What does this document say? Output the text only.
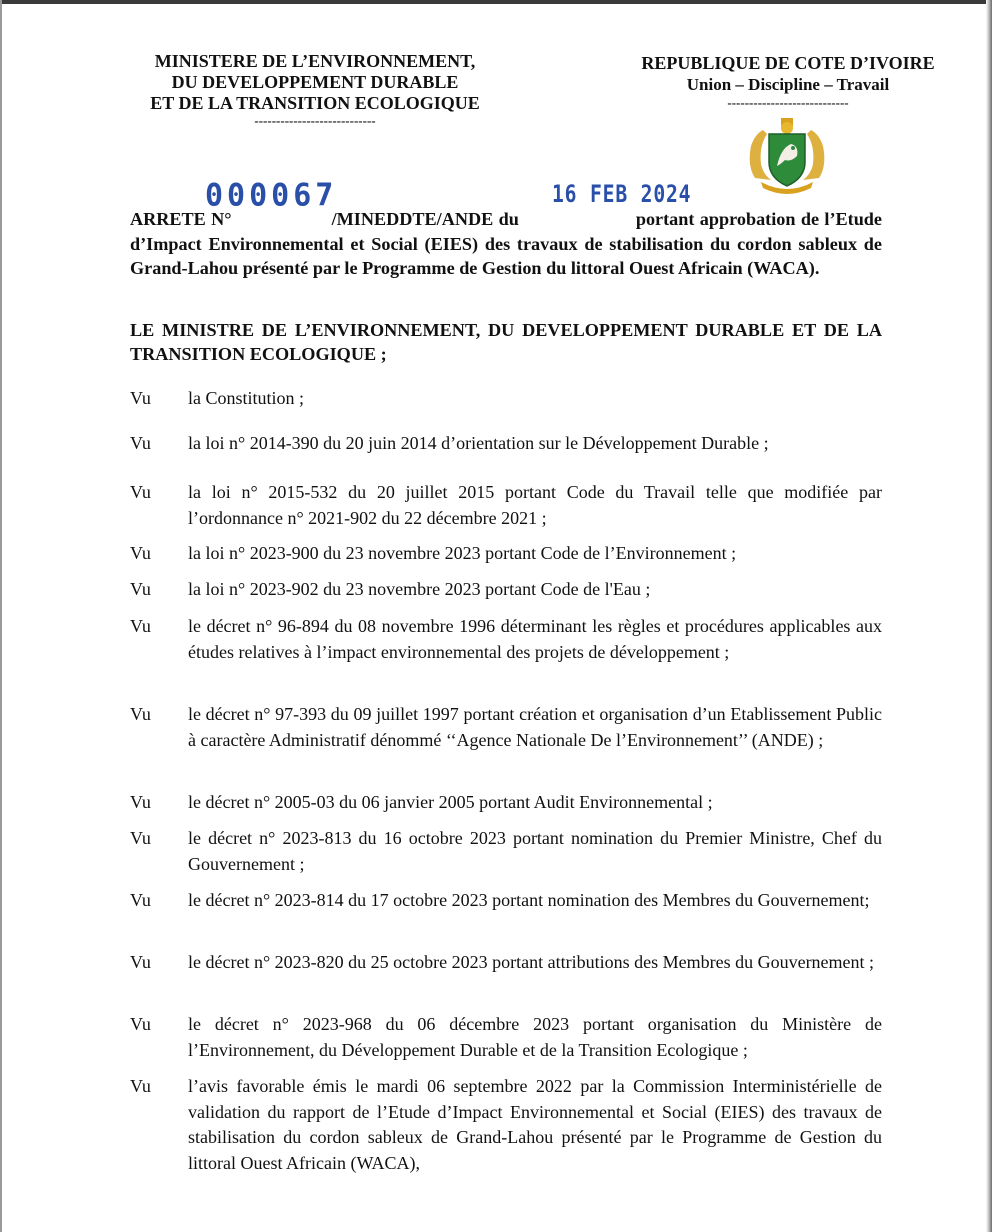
MINISTERE DE L’ENVIRONNEMENT,
DU DEVELOPPEMENT DURABLE
ET DE LA TRANSITION ECOLOGIQUE
----------------------------
REPUBLIQUE DE COTE D’IVOIRE
Union – Discipline – Travail
----------------------------
000067	16 FEB 2024
ARRETE N°	/MINEDDTE/ANDE du	portant approbation de l’Etude d’Impact Environnemental et Social (EIES) des travaux de stabilisation du cordon sableux de Grand-Lahou présenté par le Programme de Gestion du littoral Ouest Africain (WACA).
LE MINISTRE DE L’ENVIRONNEMENT, DU DEVELOPPEMENT DURABLE ET DE LA TRANSITION ECOLOGIQUE ;
Vu	la Constitution ;
Vu	la loi n° 2014-390 du 20 juin 2014 d’orientation sur le Développement Durable ;
Vu	la loi n° 2015-532 du 20 juillet 2015 portant Code du Travail telle que modifiée par l’ordonnance n° 2021-902 du 22 décembre 2021 ;
Vu	la loi n° 2023-900 du 23 novembre 2023 portant Code de l’Environnement ;
Vu	la loi n° 2023-902 du 23 novembre 2023 portant Code de l'Eau ;
Vu	le décret n° 96-894 du 08 novembre 1996 déterminant les règles et procédures applicables aux études relatives à l’impact environnemental des projets de développement ;
Vu	le décret n° 97-393 du 09 juillet 1997 portant création et organisation d’un Etablissement Public à caractère Administratif dénommé ‘‘Agence Nationale De l’Environnement’’ (ANDE) ;
Vu	le décret n° 2005-03 du 06 janvier 2005 portant Audit Environnemental ;
Vu	le décret n° 2023-813 du 16 octobre 2023 portant nomination du Premier Ministre, Chef du Gouvernement ;
Vu	le décret n° 2023-814 du 17 octobre 2023 portant nomination des Membres du Gouvernement;
Vu	le décret n° 2023-820 du 25 octobre 2023 portant attributions des Membres du Gouvernement ;
Vu	le décret n° 2023-968 du 06 décembre 2023 portant organisation du Ministère de l’Environnement, du Développement Durable et de la Transition Ecologique ;
Vu	l’avis favorable émis le mardi 06 septembre 2022 par la Commission Interministérielle de validation du rapport de l’Etude d’Impact Environnemental et Social (EIES) des travaux de stabilisation du cordon sableux de Grand-Lahou présenté par le Programme de Gestion du littoral Ouest Africain (WACA),
